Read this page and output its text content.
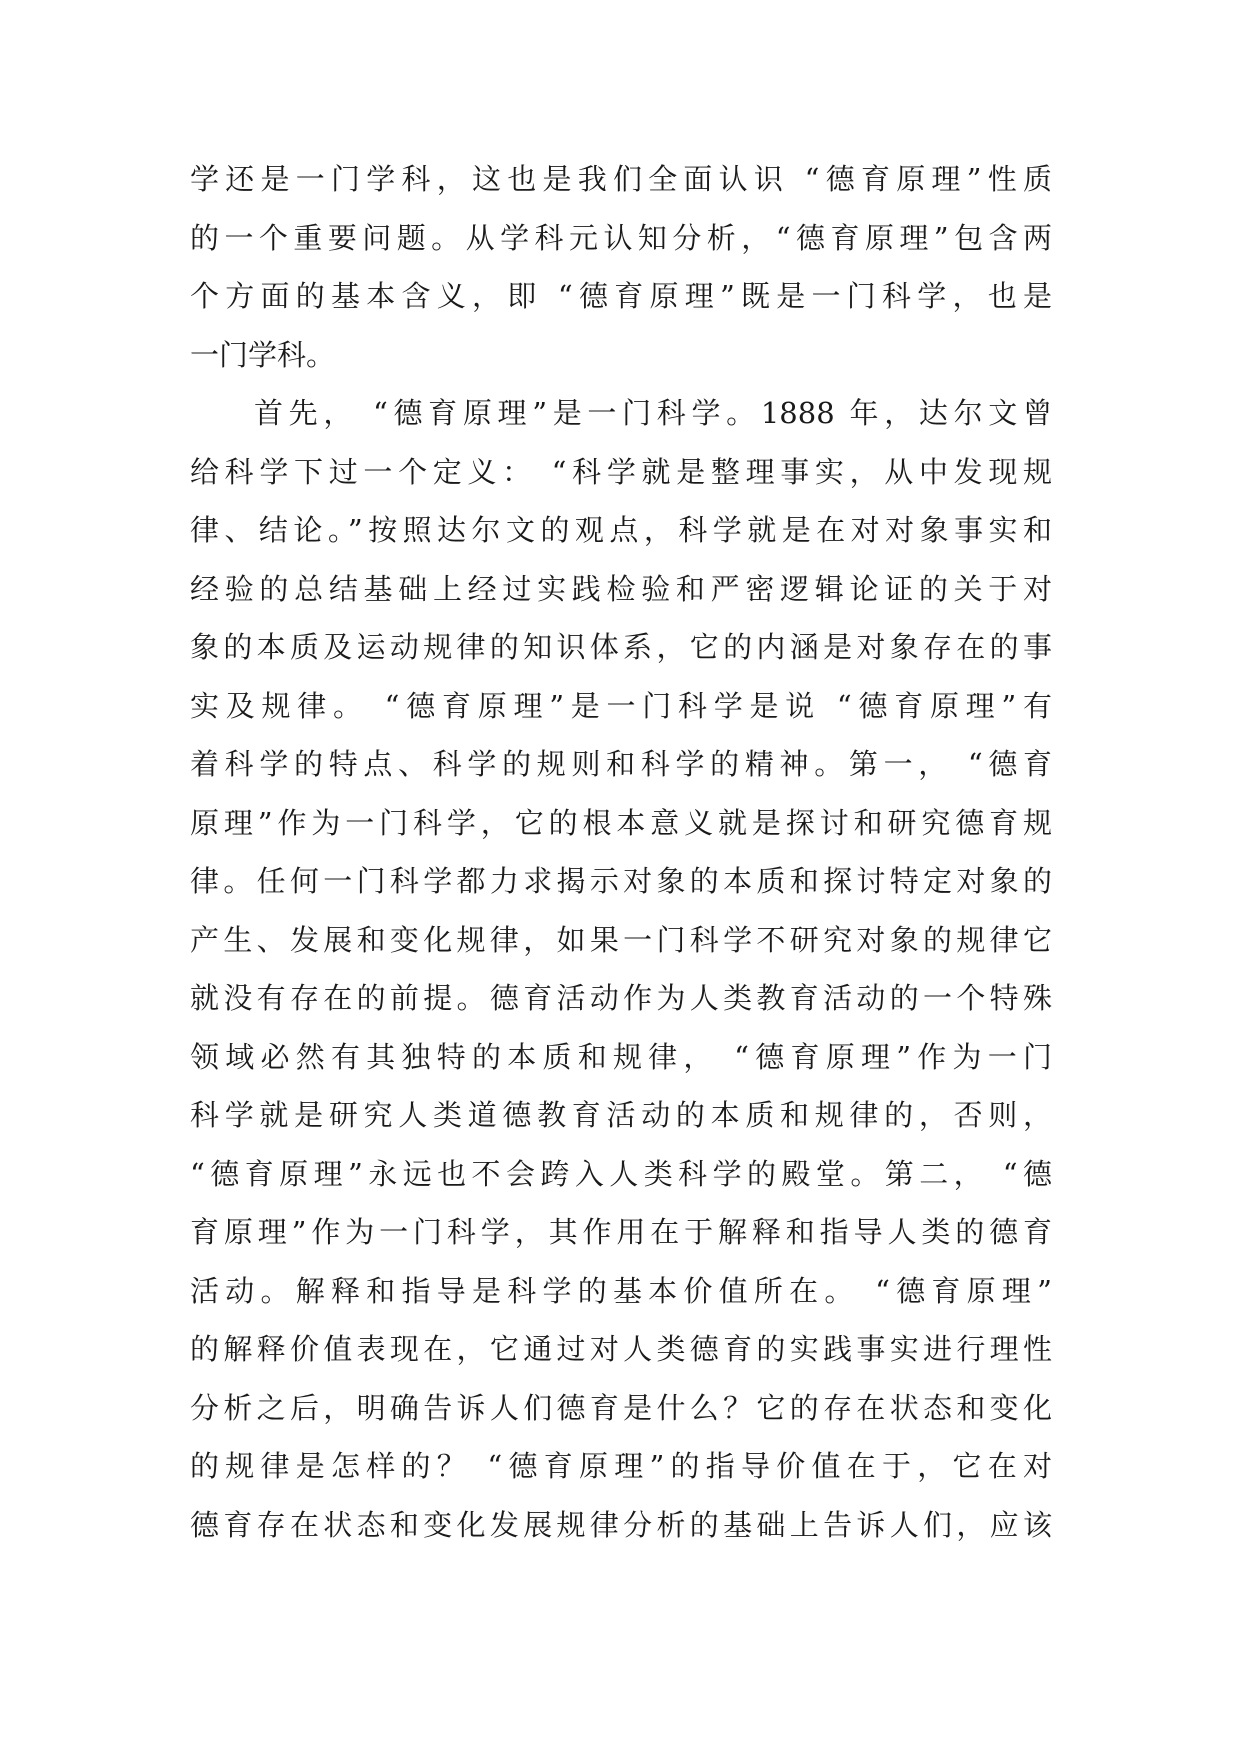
学还是一门学科，这也是我们全面认识 “德育原理”性质
的一个重要问题。从学科元认知分析，“德育原理”包含两
个方面的基本含义，即 “德育原理”既是一门科学，也是
一门学科。
首先， “德育原理”是一门科学。1888 年，达尔文曾
给科学下过一个定义： “科学就是整理事实，从中发现规
律、结论。”按照达尔文的观点，科学就是在对对象事实和
经验的总结基础上经过实践检验和严密逻辑论证的关于对
象的本质及运动规律的知识体系，它的内涵是对象存在的事
实及规律。 “德育原理”是一门科学是说 “德育原理”有
着科学的特点、科学的规则和科学的精神。第一， “德育
原理”作为一门科学，它的根本意义就是探讨和研究德育规
律。任何一门科学都力求揭示对象的本质和探讨特定对象的
产生、发展和变化规律，如果一门科学不研究对象的规律它
就没有存在的前提。德育活动作为人类教育活动的一个特殊
领域必然有其独特的本质和规律， “德育原理”作为一门
科学就是研究人类道德教育活动的本质和规律的，否则，
“德育原理”永远也不会跨入人类科学的殿堂。第二， “德
育原理”作为一门科学，其作用在于解释和指导人类的德育
活动。解释和指导是科学的基本价值所在。 “德育原理”
的解释价值表现在，它通过对人类德育的实践事实进行理性
分析之后，明确告诉人们德育是什么？它的存在状态和变化
的规律是怎样的？ “德育原理”的指导价值在于，它在对
德育存在状态和变化发展规律分析的基础上告诉人们，应该
